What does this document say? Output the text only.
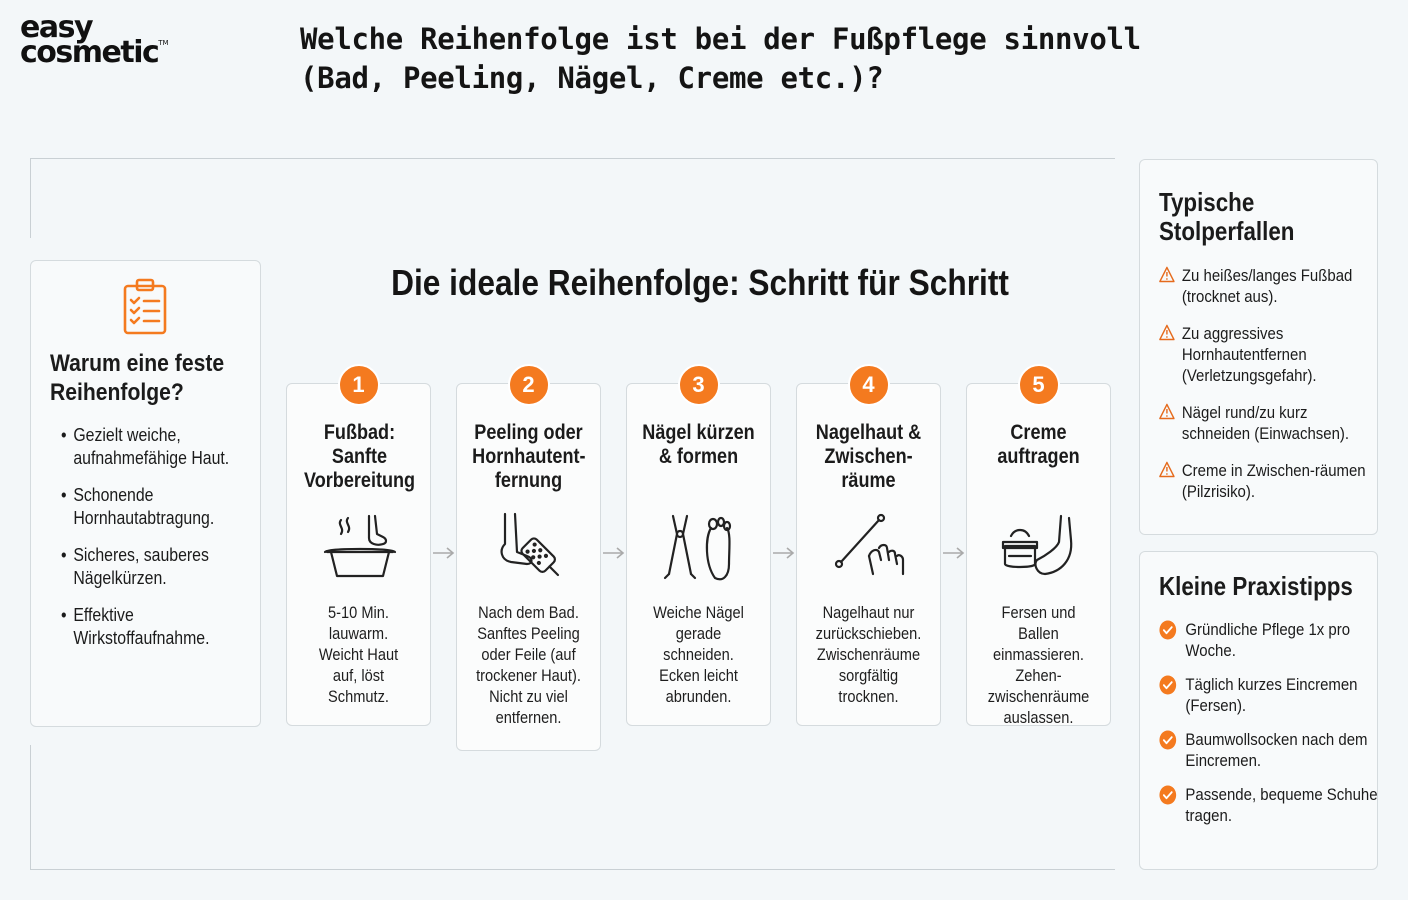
easy
cosmetic™	Welche Reihenfolge ist bei der Fußpflege sinnvoll (Bad, Peeling, Nägel, Creme etc.)?
Warum eine feste Reihenfolge?
• Gezielt weiche, aufnahmefähige Haut.
• Schonende Hornhautabtragung.
• Sicheres, sauberes Nägelkürzen.
• Effektive Wirkstoffaufnahme.
Die ideale Reihenfolge: Schritt für Schritt
1
Fußbad: Sanfte Vorbereitung
5-10 Min. lauwarm. Weicht Haut auf, löst Schmutz.
2
Peeling oder Hornhautent-fernung
Nach dem Bad. Sanftes Peeling oder Feile (auf trockener Haut). Nicht zu viel entfernen.
3
Nägel kürzen & formen
Weiche Nägel gerade schneiden. Ecken leicht abrunden.
4
Nagelhaut & Zwischen-räume
Nagelhaut nur zurückschieben. Zwischenräume sorgfältig trocknen.
5
Creme auftragen
Fersen und Ballen einmassieren. Zehen-zwischenräume auslassen.
Typische Stolperfallen
Zu heißes/langes Fußbad (trocknet aus).
Zu aggressives Hornhautentfernen (Verletzungsgefahr).
Nägel rund/zu kurz schneiden (Einwachsen).
Creme in Zwischen-räumen (Pilzrisiko).
Kleine Praxistipps
Gründliche Pflege 1x pro Woche.
Täglich kurzes Eincremen (Fersen).
Baumwollsocken nach dem Eincremen.
Passende, bequeme Schuhe tragen.
